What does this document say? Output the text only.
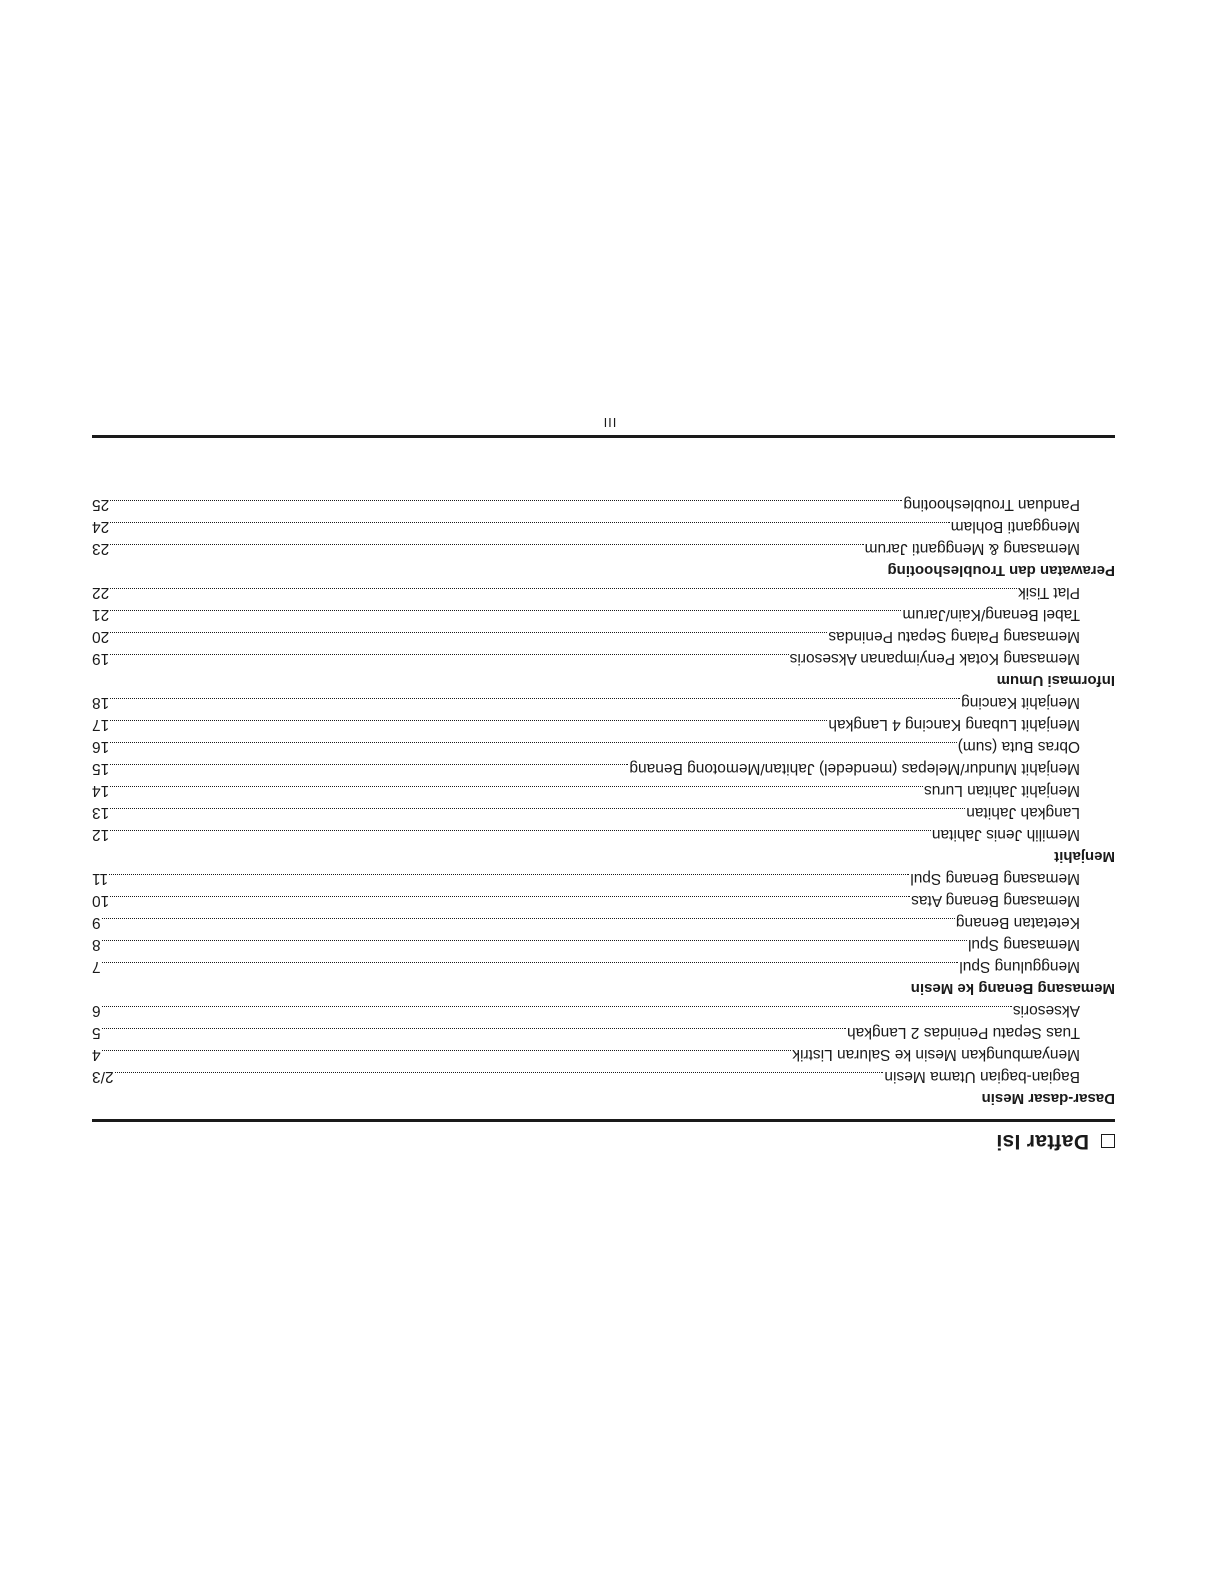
Daftar Isi
Dasar-dasar Mesin
Bagian-bagian Utama Mesin
2/3
Menyambungkan Mesin ke Saluran Listrik
4
Tuas Sepatu Penindas 2 Langkah
5
Aksesoris
6
Memasang Benang ke Mesin
Menggulung Spul
7
Memasang Spul
8
Ketetatan Benang
9
Memasang Benang Atas
10
Memasang Benang Spul
11
Menjahit
Memilih Jenis Jahitan
12
Langkah Jahitan
13
Menjahit Jahitan Lurus
14
Menjahit Mundur/Melepas (mendedel) Jahitan/Memotong Benang
15
Obras Buta (sum)
16
Menjahit Lubang Kancing 4 Langkah
17
Menjahit Kancing
18
Informasi Umum
Memasang Kotak Penyimpanan Aksesoris
19
Memasang Palang Sepatu Penindas
20
Tabel Benang/Kain/Jarum
21
Plat Tisik
22
Perawatan dan Troubleshooting
Memasang & Mengganti Jarum
23
Mengganti Bohlam
24
Panduan Troubleshooting
25
III
